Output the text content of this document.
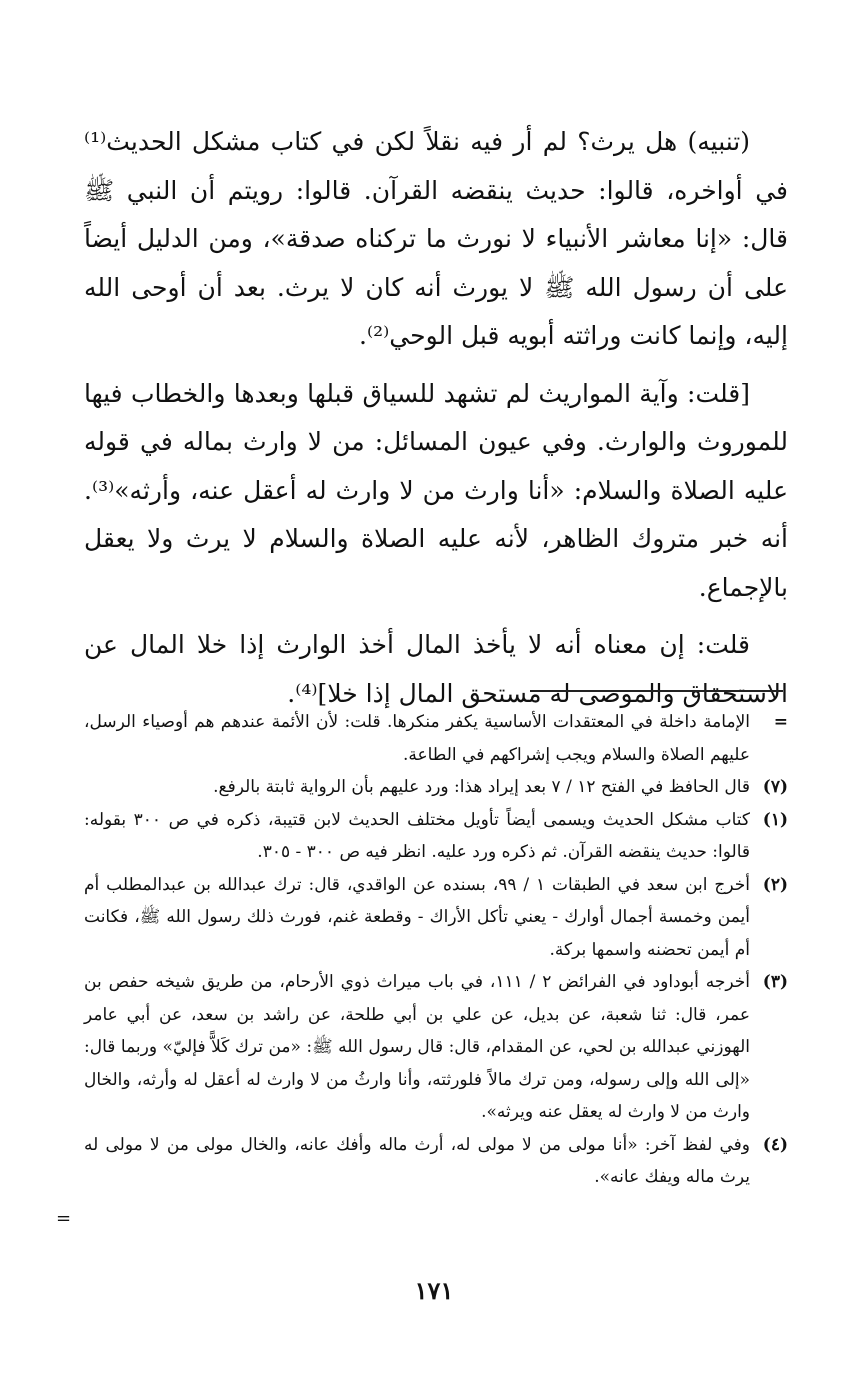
(تنبيه) هل يرث؟ لم أر فيه نقلاً لكن في كتاب مشكل الحديث⁽¹⁾ في أواخره، قالوا: حديث ينقضه القرآن. قالوا: رويتم أن النبي ﷺ قال: «إنا معاشر الأنبياء لا نورث ما تركناه صدقة»، ومن الدليل أيضاً على أن رسول الله ﷺ لا يورث أنه كان لا يرث. بعد أن أوحى الله إليه، وإنما كانت وراثته أبويه قبل الوحي⁽²⁾.

[قلت: وآية المواريث لم تشهد للسياق قبلها وبعدها والخطاب فيها للموروث والوارث. وفي عيون المسائل: من لا وارث بماله في قوله عليه الصلاة والسلام: «أنا وارث من لا وارث له أعقل عنه، وأرثه»⁽³⁾. أنه خبر متروك الظاهر، لأنه عليه الصلاة والسلام لا يرث ولا يعقل بالإجماع.

قلت: إن معناه أنه لا يأخذ المال أخذ الوارث إذا خلا المال عن الاستحقاق والموصى له مستحق المال إذا خلا]⁽⁴⁾.

=
الإمامة داخلة في المعتقدات الأساسية يكفر منكرها. قلت: لأن الأئمة عندهم هم أوصياء الرسل، عليهم الصلاة والسلام ويجب إشراكهم في الطاعة.
(٧)
قال الحافظ في الفتح ١٢ / ٧ بعد إيراد هذا: ورد عليهم بأن الرواية ثابتة بالرفع.
(١)
كتاب مشكل الحديث ويسمى أيضاً تأويل مختلف الحديث لابن قتيبة، ذكره في ص ٣٠٠ بقوله: قالوا: حديث ينقضه القرآن. ثم ذكره ورد عليه. انظر فيه ص ٣٠٠ - ٣٠٥.
(٢)
أخرج ابن سعد في الطبقات ١ / ٩٩، بسنده عن الواقدي، قال: ترك عبدالله بن عبدالمطلب أم أيمن وخمسة أجمال أوارك - يعني تأكل الأراك - وقطعة غنم، فورث ذلك رسول الله ﷺ، فكانت أم أيمن تحضنه واسمها بركة.
(٣)
أخرجه أبوداود في الفرائض ٢ / ١١١، في باب ميراث ذوي الأرحام، من طريق شيخه حفص بن عمر، قال: ثنا شعبة، عن بديل، عن علي بن أبي طلحة، عن راشد بن سعد، عن أبي عامر الهوزني عبدالله بن لحي، عن المقدام، قال: قال رسول الله ﷺ: «من ترك كَلاًّ فإليّ» وربما قال: «إلى الله وإلى رسوله، ومن ترك مالاً فلورثته، وأنا وارثُ من لا وارث له أعقل له وأرثه، والخال وارث من لا وارث له يعقل عنه ويرثه».
(٤)
وفي لفظ آخر: «أنا مولى من لا مولى له، أرث ماله وأفك عانه، والخال مولى من لا مولى له يرث ماله ويفك عانه».
=
١٧١
